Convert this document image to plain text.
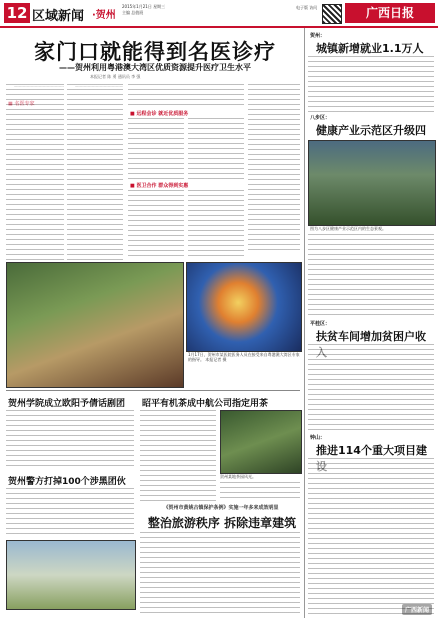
12 区域新闻 ·贺州
2015年1月21日 星期三
主编 总值班
电子版 访问	广西日报
家门口就能得到名医诊疗
——贺州利用粤港澳大湾区优质资源提升医疗卫生水平
本报记者 陈 勇 通讯员 李 强

■ 远程会诊 就近优质服务
■ 医卫合作 群众得到实惠
1月17日，贺州市某医院医务人员在接受来自粤港澳大湾区专家的指导。 本报记者 摄
贺州：
城镇新增就业1.1万人
八步区：
健康产业示范区升级四
图为八步区健康产业示范区内的生态景观。
平桂区：
扶贫车间增加贫困户收
钟山：
推进114个重大项目建
贺州学院成立欧阳予倩话剧团
贺州警方打掉100个涉黑团伙
昭平有机茶成中航公司指定用茶
贺州某地茶园风光。
《贺州市黄姚古镇保护条例》实施一年多来成效明显
整治旅游秩序 拆除违章建筑
广西新闻
